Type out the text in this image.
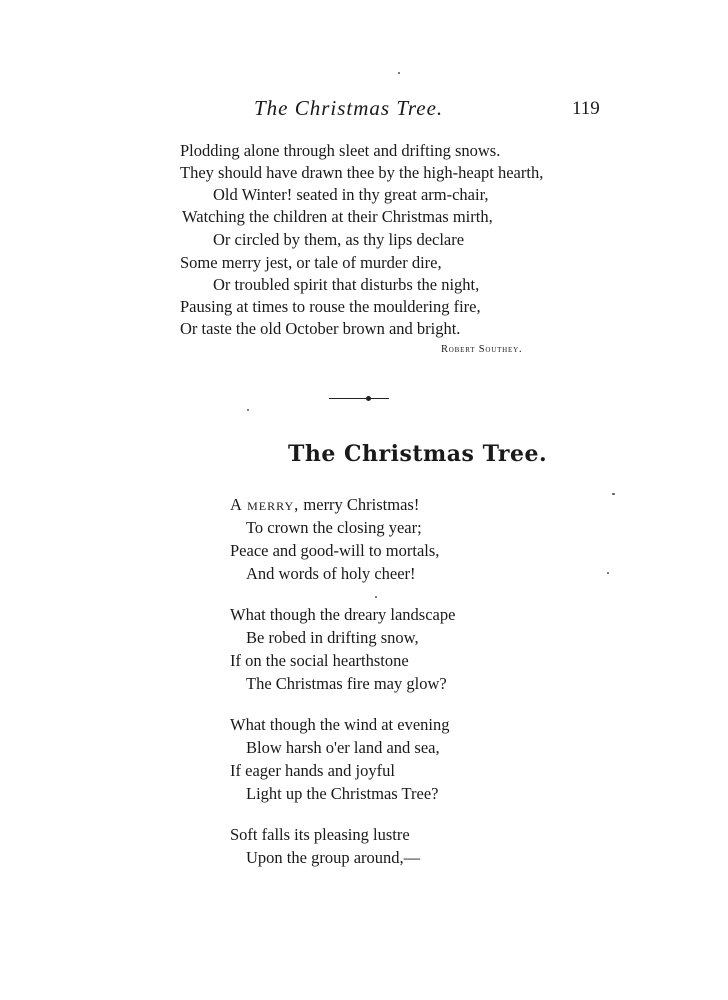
The Christmas Tree.	119
Plodding alone through sleet and drifting snows.
They should have drawn thee by the high-heapt hearth,
Old Winter! seated in thy great arm-chair,
Watching the children at their Christmas mirth,
Or circled by them, as thy lips declare
Some merry jest, or tale of murder dire,
Or troubled spirit that disturbs the night,
Pausing at times to rouse the mouldering fire,
Or taste the old October brown and bright.
Robert Southey.
The Christmas Tree.
A merry, merry Christmas!
To crown the closing year;
Peace and good-will to mortals,
And words of holy cheer!
What though the dreary landscape
Be robed in drifting snow,
If on the social hearthstone
The Christmas fire may glow?
What though the wind at evening
Blow harsh o'er land and sea,
If eager hands and joyful
Light up the Christmas Tree?
Soft falls its pleasing lustre
Upon the group around,—
